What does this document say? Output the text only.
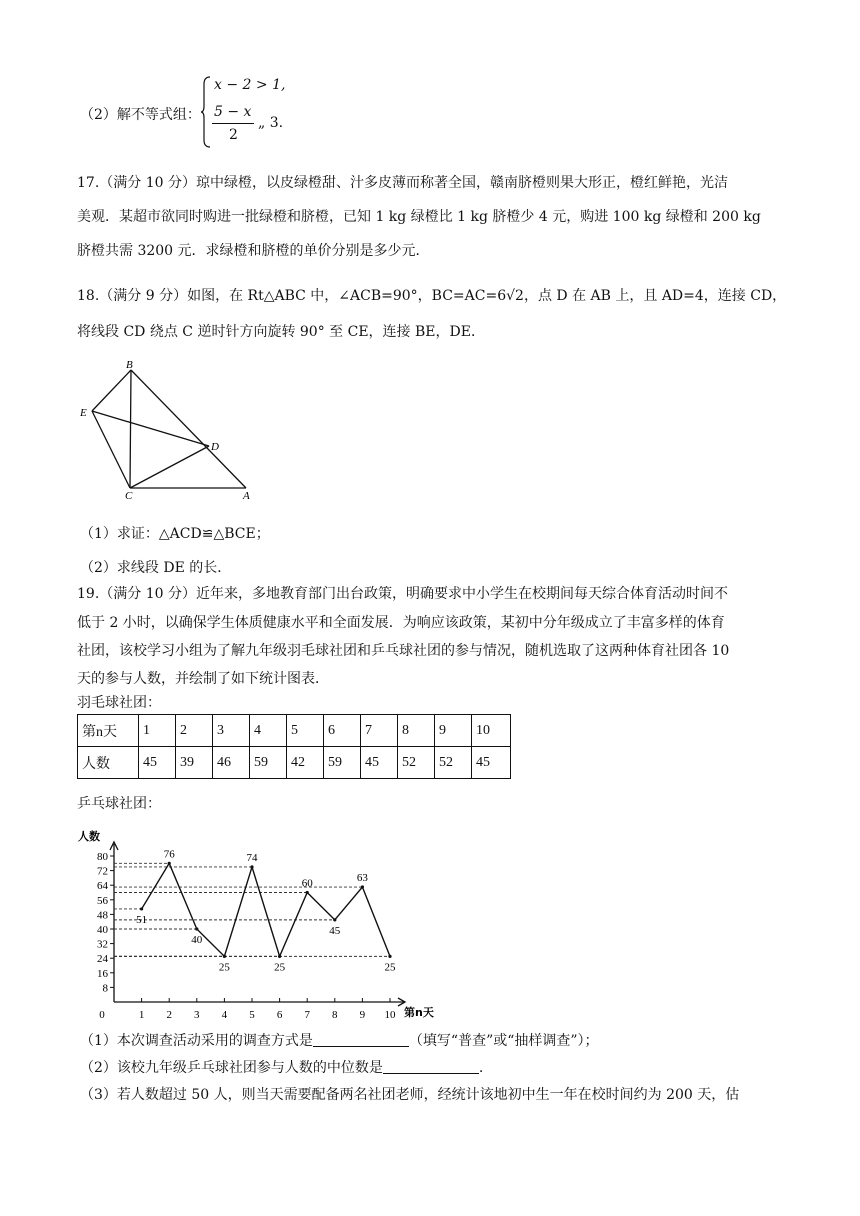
（2）解不等式组：
x − 2 > 1,
5 − x
2
„ 3.
17.（满分 10 分）琼中绿橙，以皮绿橙甜、汁多皮薄而称著全国，赣南脐橙则果大形正，橙红鲜艳，光洁
美观．某超市欲同时购进一批绿橙和脐橙，已知 1 kg 绿橙比 1 kg 脐橙少 4 元，购进 100 kg 绿橙和 200 kg
脐橙共需 3200 元．求绿橙和脐橙的单价分别是多少元．
18.（满分 9 分）如图，在 Rt△ABC 中，∠ACB=90°，BC=AC=6√2，点 D 在 AB 上，且 AD=4，连接 CD，
将线段 CD 绕点 C 逆时针方向旋转 90° 至 CE，连接 BE，DE．
B
E
D
C	A
（1）求证：△ACD≌△BCE；
（2）求线段 DE 的长．
19.（满分 10 分）近年来，多地教育部门出台政策，明确要求中小学生在校期间每天综合体育活动时间不
低于 2 小时，以确保学生体质健康水平和全面发展．为响应该政策，某初中分年级成立了丰富多样的体育
社团，该校学习小组为了解九年级羽毛球社团和乒乓球社团的参与情况，随机选取了这两种体育社团各 10
天的参与人数，并绘制了如下统计图表．
羽毛球社团：
第n天	1	2	3	4	5	6	7	8	9	10
人数	45	39	46	59	42	59	45	52	52	45
乒乓球社团：
人数
第n天
8
16
24
32
40
48
56
64
72
80
0	1 2 3 4 5 6 7 8 9 10
51
76
40
25
74
25
60
45
63
25
（1）本次调查活动采用的调查方式是	（填写“普查”或“抽样调查”）；
（2）该校九年级乒乓球社团参与人数的中位数是	.
（3）若人数超过 50 人，则当天需要配备两名社团老师，经统计该地初中生一年在校时间约为 200 天，估
